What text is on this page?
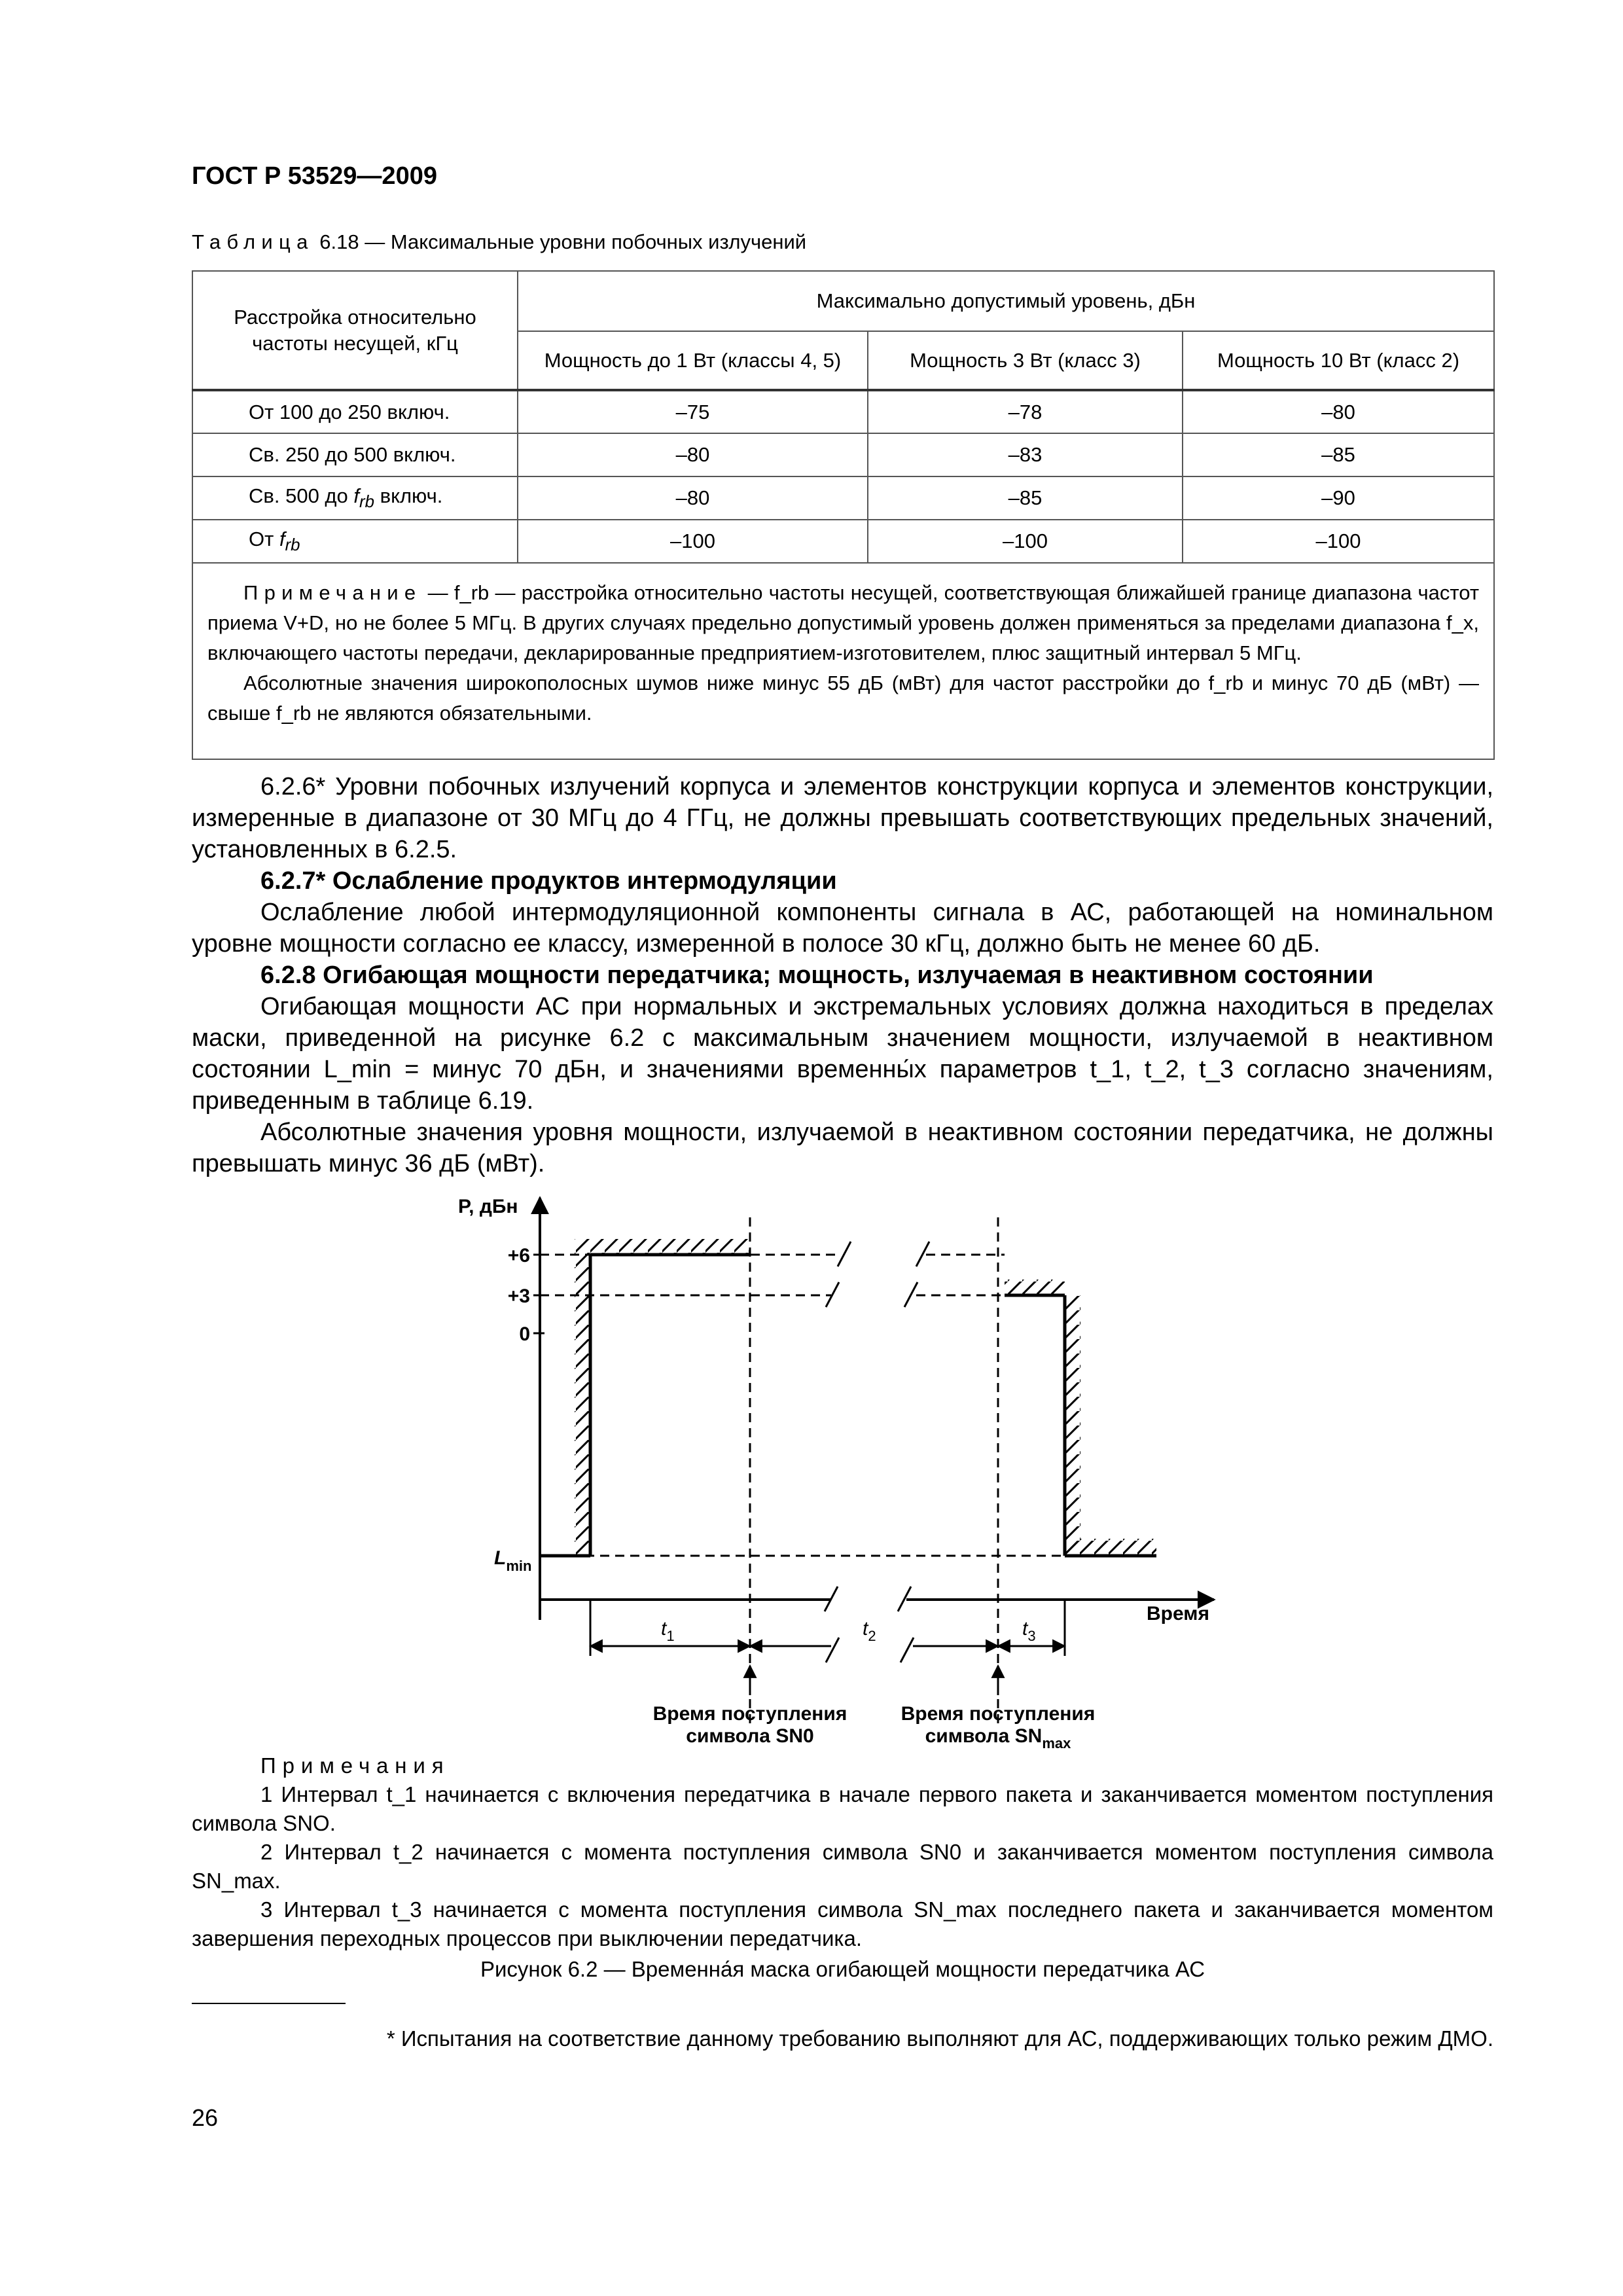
ГОСТ Р 53529—2009
Таблица 6.18 — Максимальные уровни побочных излучений
Расстройка относительно частоты несущей, кГц	Максимально допустимый уровень, дБн		
	Мощность до 1 Вт (классы 4, 5)	Мощность 3 Вт (класс 3)	Мощность 10 Вт (класс 2)
От 100 до 250 включ.	–75	–78	–80
Св. 250 до 500 включ.	–80	–83	–85
Св. 500 до $f_{rb}$ включ.	–80	–85	–90
От $f_{rb}$	–100	–100	–100

Примечание — f_rb — расстройка относительно частоты несущей, соответствующая ближайшей границе диапазона частот приема V+D, но не более 5 МГц. В других случаях предельно допустимый уровень должен применяться за пределами диапазона f_x, включающего частоты передачи, декларированные предприятием-изготовителем, плюс защитный интервал 5 МГц.

Абсолютные значения широкополосных шумов ниже минус 55 дБ (мВт) для частот расстройки до f_rb и минус 70 дБ (мВт) — свыше f_rb не являются обязательными.			

6.2.6* Уровни побочных излучений корпуса и элементов конструкции корпуса и элементов конструкции, измеренные в диапазоне от 30 МГц до 4 ГГц, не должны превышать соответствующих предельных значений, установленных в 6.2.5.
6.2.7* Ослабление продуктов интермодуляции
Ослабление любой интермодуляционной компоненты сигнала в АС, работающей на номинальном уровне мощности согласно ее классу, измеренной в полосе 30 кГц, должно быть не менее 60 дБ.
6.2.8 Огибающая мощности передатчика; мощность, излучаемая в неактивном состоянии
Огибающая мощности АС при нормальных и экстремальных условиях должна находиться в пределах маски, приведенной на рисунке 6.2 с максимальным значением мощности, излучаемой в неактивном состоянии L_min = минус 70 дБн, и значениями временны́х параметров t_1, t_2, t_3 согласно значениям, приведенным в таблице 6.19.
Абсолютные значения уровня мощности, излучаемой в неактивном состоянии передатчика, не должны превышать минус 36 дБ (мВт).
P, дБн
+6
+3
0
$L_{min}$
Время
$t_1$	$t_2$	$t_3$
Время поступления
символа SN0
Время поступления
символа $SN_{max}$
Примечания
1 Интервал t_1 начинается с включения передатчика в начале первого пакета и заканчивается моментом поступления символа SNO.
2 Интервал t_2 начинается с момента поступления символа SN0 и заканчивается моментом поступления символа SN_max.
3 Интервал t_3 начинается с момента поступления символа SN_max последнего пакета и заканчивается моментом завершения переходных процессов при выключении передатчика.
Рисунок 6.2 — Временна́я маска огибающей мощности передатчика АС
* Испытания на соответствие данному требованию выполняют для АС, поддерживающих только режим ДМО.
26
